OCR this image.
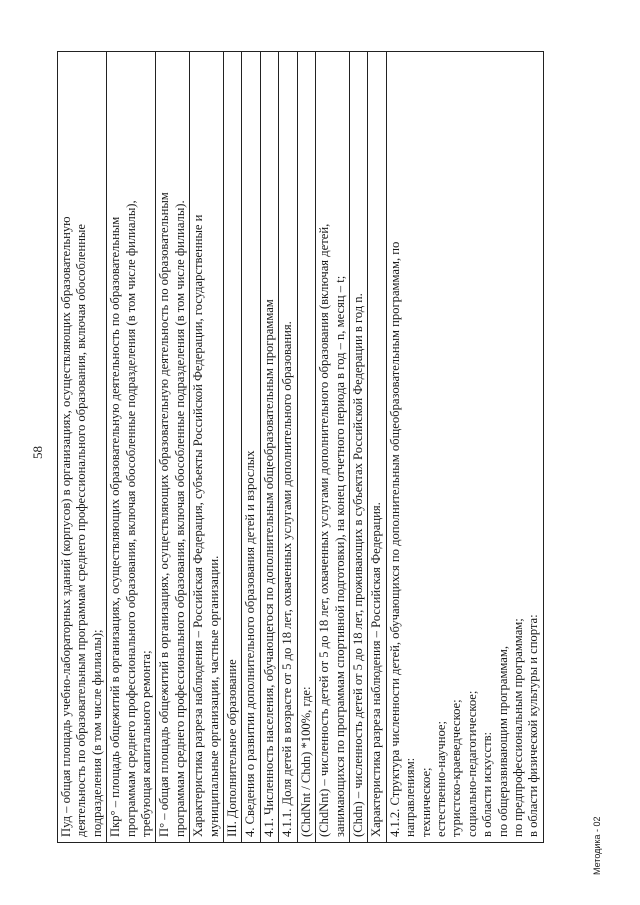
58 Пуд – общая площадь учебно-лабораторных зданий (корпусов) в организациях, осуществляющих образовательную деятельность по образовательным программам среднего профессионального образования, включая обособленные подразделения (в том числе филиалы); Пкр° – площадь общежитий в организациях, осуществляющих образовательную деятельность по образовательным программам среднего профессионального образования, включая обособленные подразделения (в том числе филиалы), требующая капитального ремонта; П° – общая площадь общежитий в организациях, осуществляющих образовательную деятельность по образовательным программам среднего профессионального образования, включая обособленные подразделения (в том числе филиалы). Характеристика разреза наблюдения – Российская Федерация, субъекты Российской Федерации, государственные и муниципальные организации, частные организации. III. Дополнительное образование 4. Сведения о развитии дополнительного образования детей и взрослых 4.1. Численность населения, обучающегося по дополнительным общеобразовательным программам 4.1.1. Доля детей в возрасте от 5 до 18 лет, охваченных услугами дополнительного образования. (ChdNnt / Chdn) *100%, где: (ChdNnt) – численность детей от 5 до 18 лет, охваченных услугами дополнительного образования (включая детей, занимающихся по программам спортивной подготовки), на конец отчетного периода в год – n, месяц – t; (Chdn) – численность детей от 5 до 18 лет, проживающих в субъектах Российской Федерации в год n. Характеристика разреза наблюдения – Российская Федерация. 4.1.2. Структура численности детей, обучающихся по дополнительным общеобразовательным программам, по направлениям: техническое; естественно-научное; туристско-краеведческое; социально-педагогическое; в области искусств: по общеразвивающим программам, по предпрофессиональным программам; в области физической культуры и спорта:
Методика - 02
